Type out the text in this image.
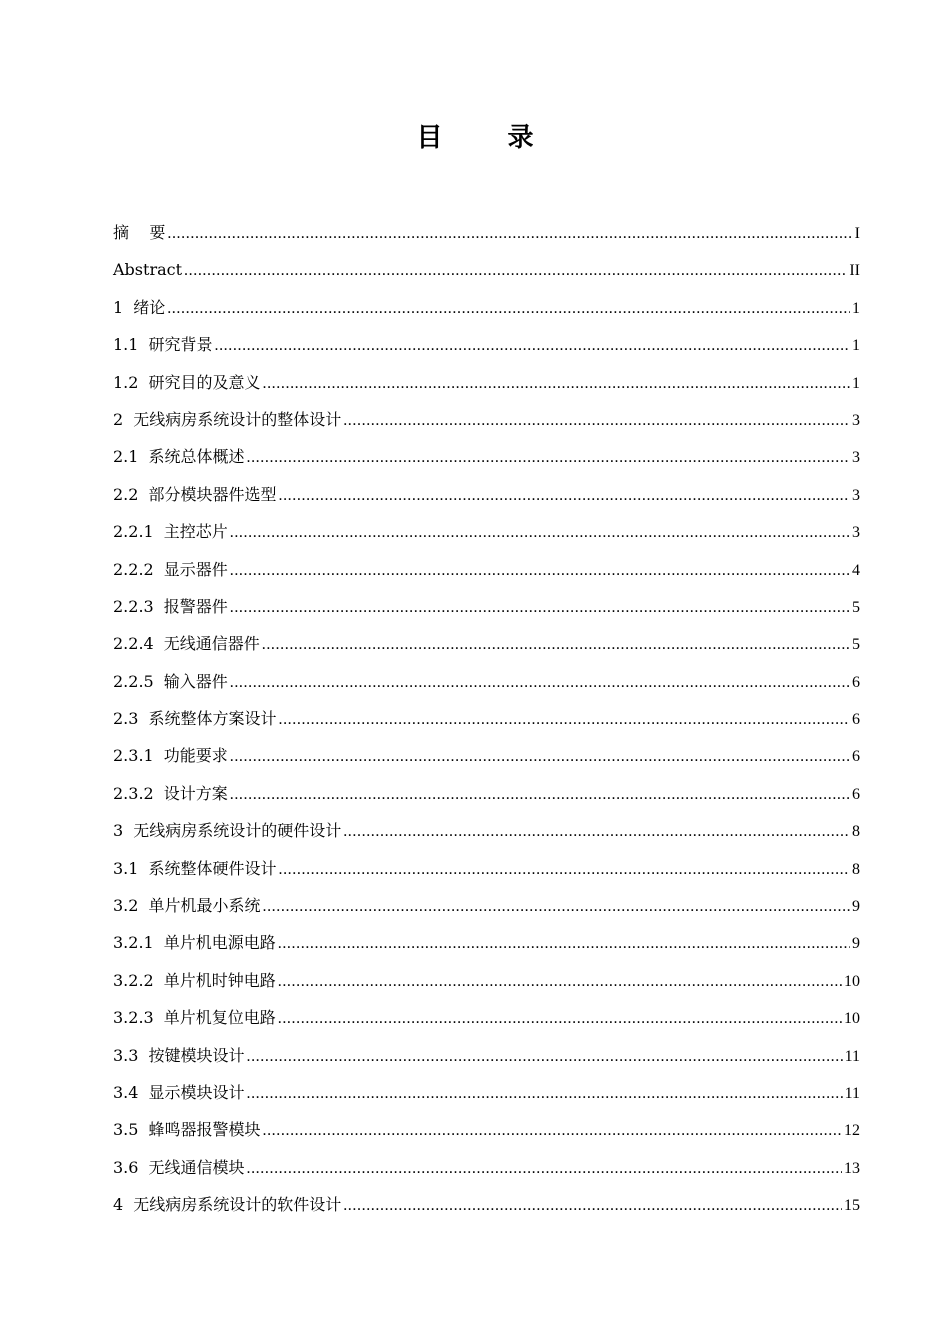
目 录
摘    要 .....	I
Abstract .....	II
1 绪论 .....	1
1.1 研究背景 .....	1
1.2 研究目的及意义 .....	1
2 无线病房系统设计的整体设计 .....	3
2.1 系统总体概述 .....	3
2.2 部分模块器件选型 .....	3
2.2.1 主控芯片 .....	3
2.2.2 显示器件 .....	4
2.2.3 报警器件 .....	5
2.2.4 无线通信器件 .....	5
2.2.5 输入器件 .....	6
2.3 系统整体方案设计 .....	6
2.3.1 功能要求 .....	6
2.3.2 设计方案 .....	6
3 无线病房系统设计的硬件设计 .....	8
3.1 系统整体硬件设计 .....	8
3.2 单片机最小系统 .....	9
3.2.1 单片机电源电路 .....	9
3.2.2 单片机时钟电路 .....	10
3.2.3 单片机复位电路 .....	10
3.3 按键模块设计 .....	11
3.4 显示模块设计 .....	11
3.5 蜂鸣器报警模块 .....	12
3.6 无线通信模块 .....	13
4 无线病房系统设计的软件设计 .....	15
